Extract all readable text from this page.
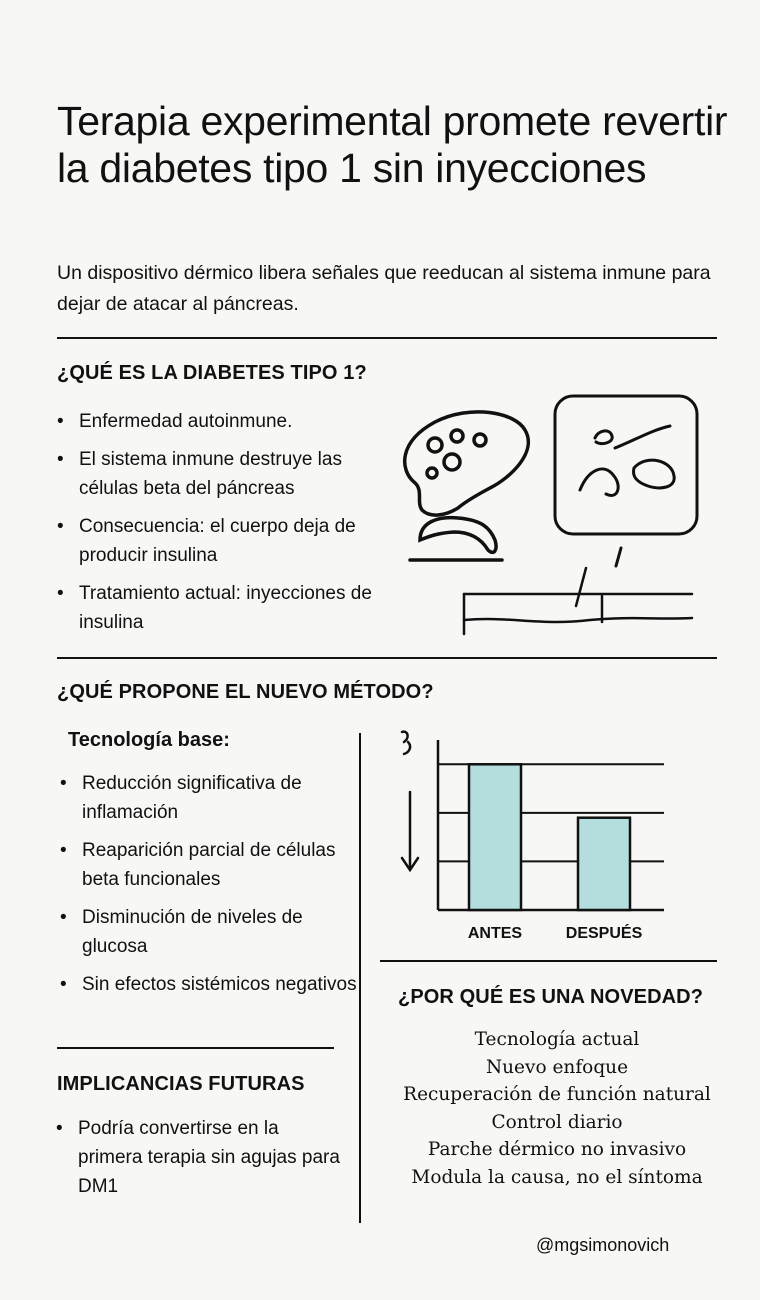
Terapia experimental promete revertir la diabetes tipo 1 sin inyecciones

Un dispositivo dérmico libera señales que reeducan al sistema inmune para dejar de atacar al páncreas.

¿QUÉ ES LA DIABETES TIPO 1?
• Enfermedad autoinmune.
• El sistema inmune destruye las células beta del páncreas
• Consecuencia: el cuerpo deja de producir insulina
• Tratamiento actual: inyecciones de insulina
¿QUÉ PROPONE EL NUEVO MÉTODO?
Tecnología base:
• Reducción significativa de inflamación
• Reaparición parcial de células beta funcionales
• Disminución de niveles de glucosa
• Sin efectos sistémicos negativos
ANTES	DESPUÉS
¿POR QUÉ ES UNA NOVEDAD?
Tecnología actual
Nuevo enfoque
Recuperación de función natural
Control diario
Parche dérmico no invasivo
Modula la causa, no el síntoma
IMPLICANCIAS FUTURAS
• Podría convertirse en la primera terapia sin agujas para DM1
@mgsimonovich
